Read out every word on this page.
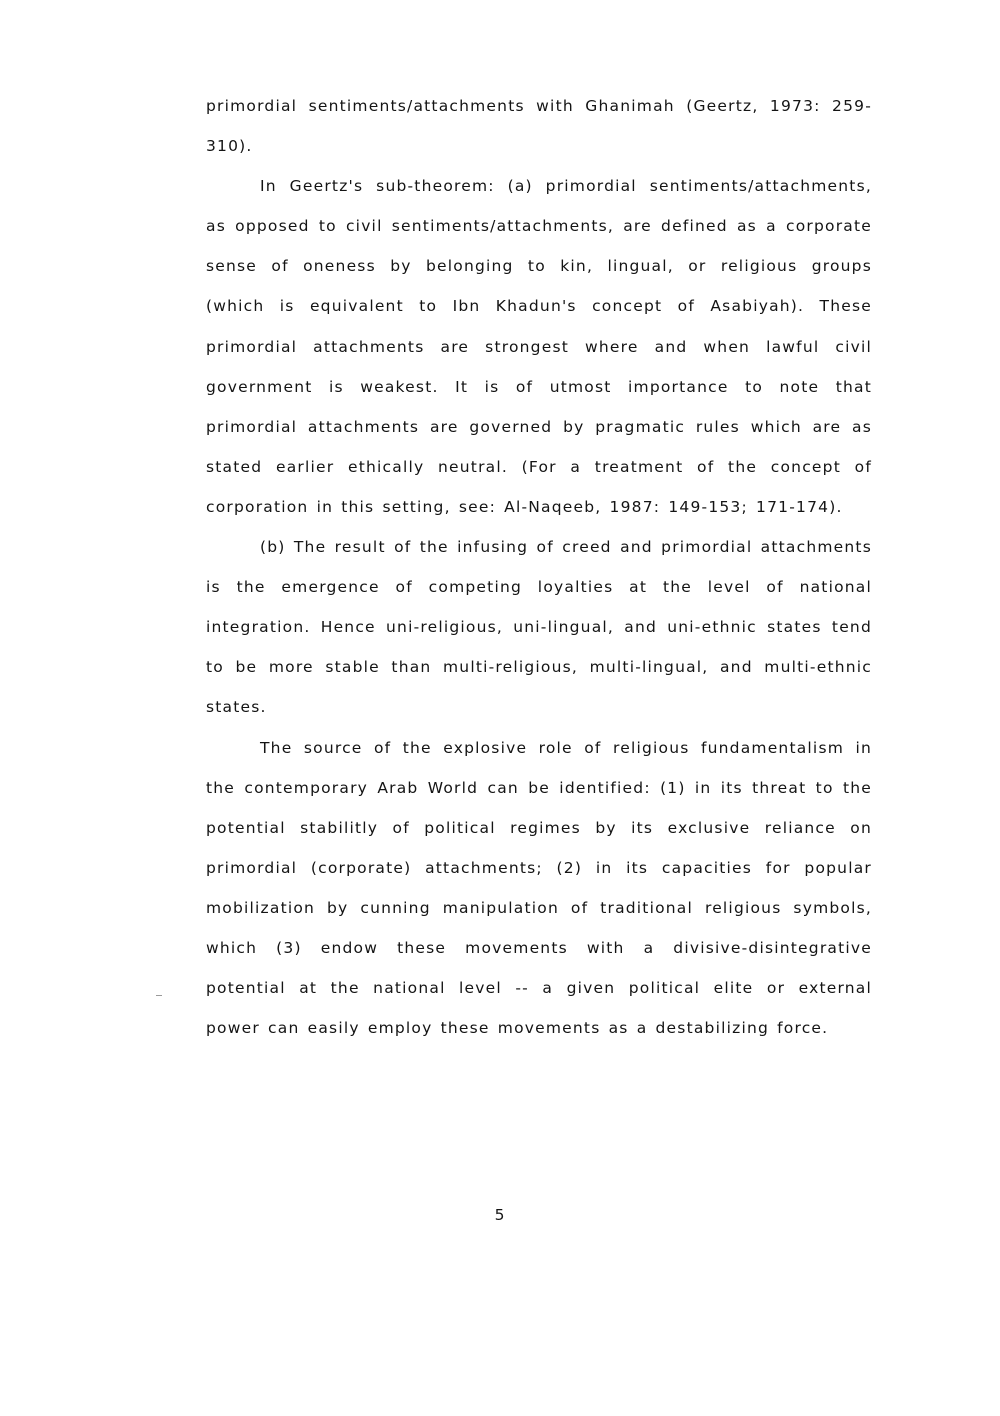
primordial sentiments/attachments with Ghanimah (Geertz, 1973: 259-310).

In Geertz's sub-theorem: (a) primordial sentiments/attachments, as opposed to civil sentiments/attachments, are defined as a corporate sense of oneness by belonging to kin, lingual, or religious groups (which is equivalent to Ibn Khadun's concept of Asabiyah). These primordial attachments are strongest where and when lawful civil government is weakest. It is of utmost importance to note that primordial attachments are governed by pragmatic rules which are as stated earlier ethically neutral. (For a treatment of the concept of corporation in this setting, see: Al-Naqeeb, 1987: 149-153; 171-174).

(b) The result of the infusing of creed and primordial attachments is the emergence of competing loyalties at the level of national integration. Hence uni-religious, uni-lingual, and uni-ethnic states tend to be more stable than multi-religious, multi-lingual, and multi-ethnic states.

The source of the explosive role of religious fundamentalism in the contemporary Arab World can be identified: (1) in its threat to the potential stabilitly of political regimes by its exclusive reliance on primordial (corporate) attachments; (2) in its capacities for popular mobilization by cunning manipulation of traditional religious symbols, which (3) endow these movements with a divisive-disintegrative potential at the national level -- a given political elite or external power can easily employ these movements as a destabilizing force.

5
